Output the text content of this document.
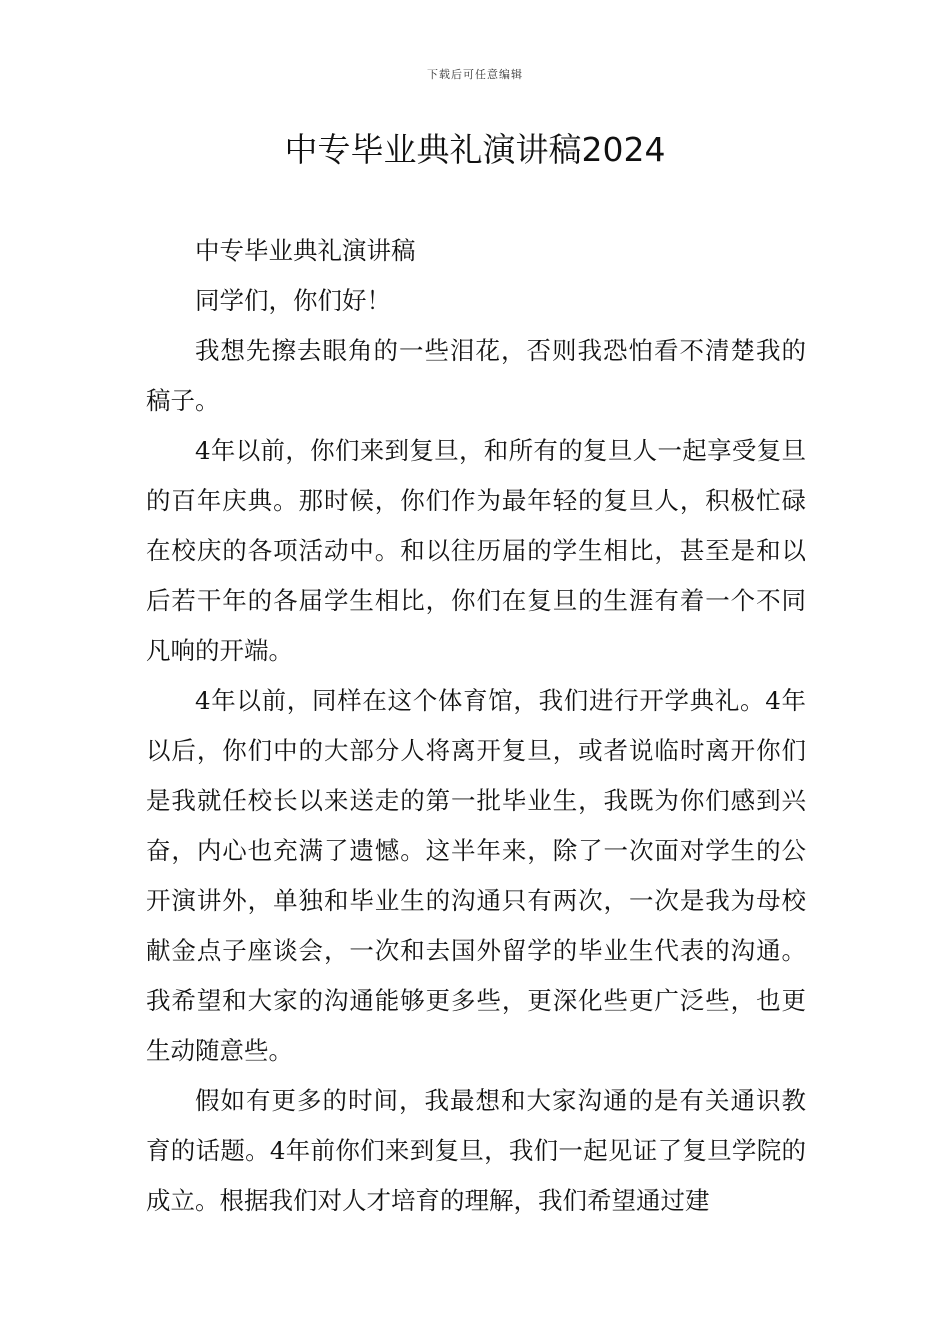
下载后可任意编辑
中专毕业典礼演讲稿2024

中专毕业典礼演讲稿

同学们，你们好！

我想先擦去眼角的一些泪花，否则我恐怕看不清楚我的稿子。

4年以前，你们来到复旦，和所有的复旦人一起享受复旦的百年庆典。那时候，你们作为最年轻的复旦人，积极忙碌在校庆的各项活动中。和以往历届的学生相比，甚至是和以后若干年的各届学生相比，你们在复旦的生涯有着一个不同凡响的开端。

4年以前，同样在这个体育馆，我们进行开学典礼。4年以后，你们中的大部分人将离开复旦，或者说临时离开你们是我就任校长以来送走的第一批毕业生，我既为你们感到兴奋，内心也充满了遗憾。这半年来，除了一次面对学生的公开演讲外，单独和毕业生的沟通只有两次，一次是我为母校献金点子座谈会，一次和去国外留学的毕业生代表的沟通。我希望和大家的沟通能够更多些，更深化些更广泛些，也更生动随意些。

假如有更多的时间，我最想和大家沟通的是有关通识教育的话题。4年前你们来到复旦，我们一起见证了复旦学院的成立。根据我们对人才培育的理解，我们希望通过建
